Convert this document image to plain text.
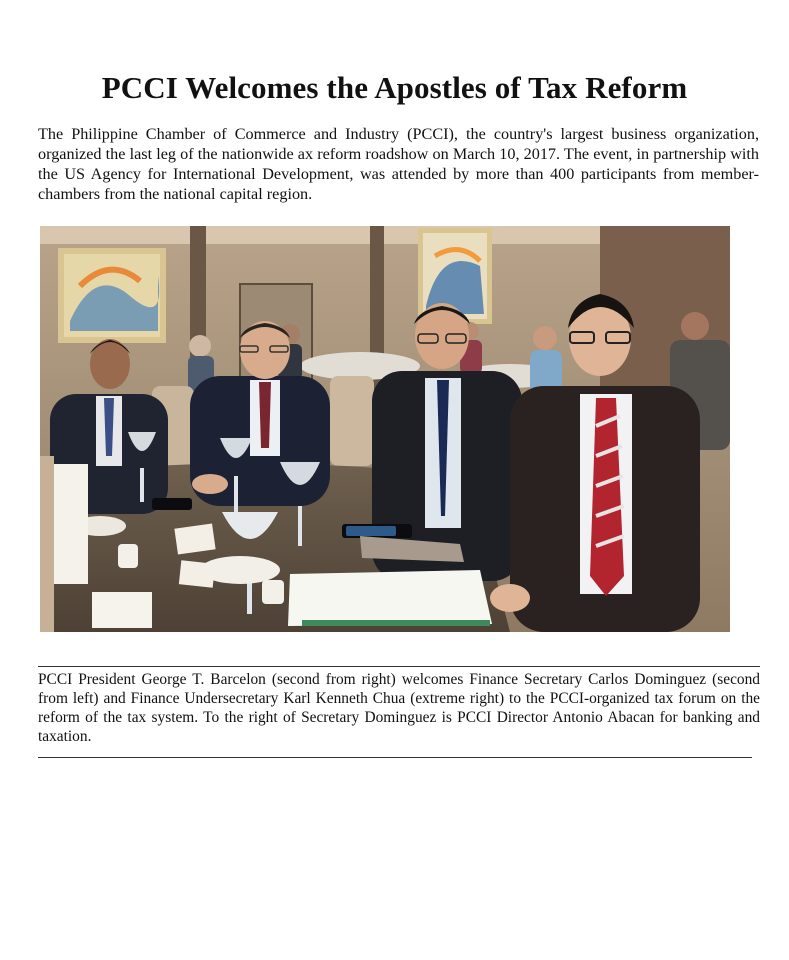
PCCI Welcomes the Apostles of Tax Reform

The Philippine Chamber of Commerce and Industry (PCCI), the country's largest business organization, organized the last leg of the nationwide ax reform roadshow on March 10, 2017. The event, in partnership with the US Agency for International Development, was attended by more than 400 participants from member-chambers from the national capital region.

PCCI President George T. Barcelon (second from right) welcomes Finance Secretary Carlos Dominguez (second from left) and Finance Undersecretary Karl Kenneth Chua (extreme right) to the PCCI-organized tax forum on the reform of the tax system. To the right of Secretary Dominguez is PCCI Director Antonio Abacan for banking and taxation.
